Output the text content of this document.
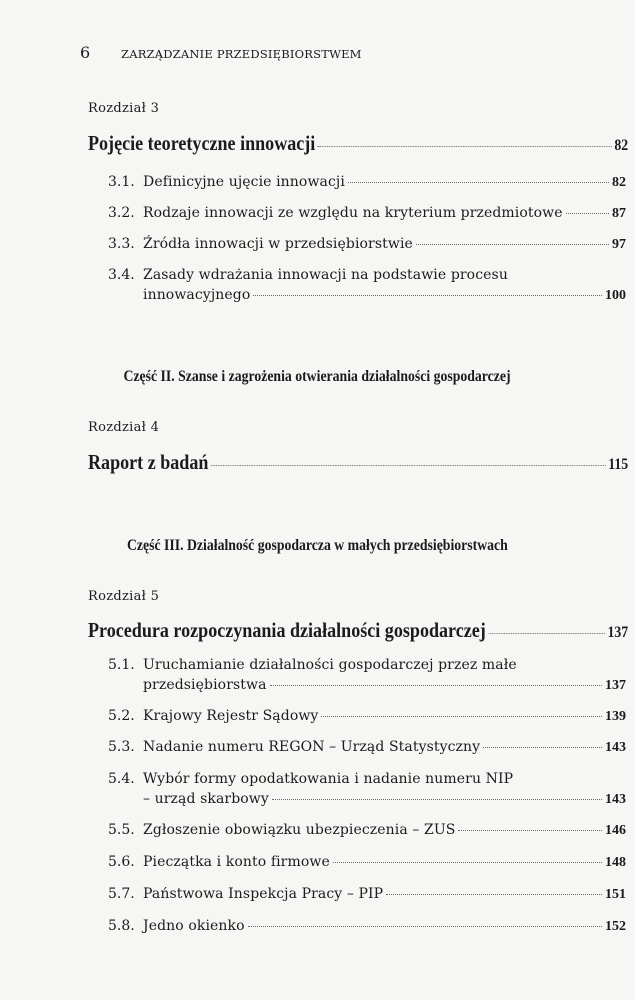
6	ZARZĄDZANIE PRZEDSIĘBIORSTWEM
Rozdział 3
Pojęcie teoretyczne innowacji	82
3.1. Definicyjne ujęcie innowacji	82
3.2. Rodzaje innowacji ze względu na kryterium przedmiotowe	87
3.3. Źródła innowacji w przedsiębiorstwie	97
3.4. Zasady wdrażania innowacji na podstawie procesu
innowacyjnego	100
Część II. Szanse i zagrożenia otwierania działalności gospodarczej
Rozdział 4
Raport z badań	115
Część III. Działalność gospodarcza w małych przedsiębiorstwach
Rozdział 5
Procedura rozpoczynania działalności gospodarczej	137
5.1. Uruchamianie działalności gospodarczej przez małe
przedsiębiorstwa	137
5.2. Krajowy Rejestr Sądowy	139
5.3. Nadanie numeru REGON – Urząd Statystyczny	143
5.4. Wybór formy opodatkowania i nadanie numeru NIP
– urząd skarbowy	143
5.5. Zgłoszenie obowiązku ubezpieczenia – ZUS	146
5.6. Pieczątka i konto firmowe	148
5.7. Państwowa Inspekcja Pracy – PIP	151
5.8. Jedno okienko	152
